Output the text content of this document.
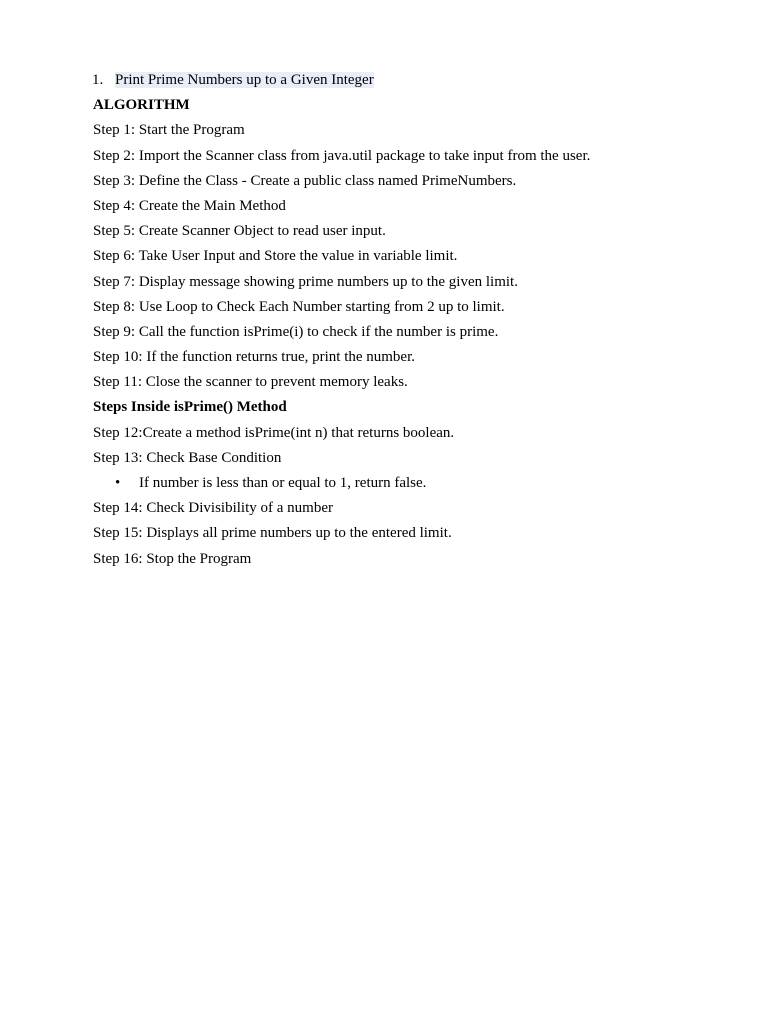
1. Print Prime Numbers up to a Given Integer
ALGORITHM
Step 1: Start the Program
Step 2: Import the Scanner class from java.util package to take input from the user.
Step 3: Define the Class - Create a public class named PrimeNumbers.
Step 4: Create the Main Method
Step 5: Create Scanner Object to read user input.
Step 6: Take User Input and Store the value in variable limit.
Step 7: Display message showing prime numbers up to the given limit.
Step 8: Use Loop to Check Each Number starting from 2 up to limit.
Step 9: Call the function isPrime(i) to check if the number is prime.
Step 10: If the function returns true, print the number.
Step 11: Close the scanner to prevent memory leaks.
Steps Inside isPrime() Method
Step 12:Create a method isPrime(int n) that returns boolean.
Step 13: Check Base Condition
• If number is less than or equal to 1, return false.
Step 14: Check Divisibility of a number
Step 15: Displays all prime numbers up to the entered limit.
Step 16: Stop the Program
